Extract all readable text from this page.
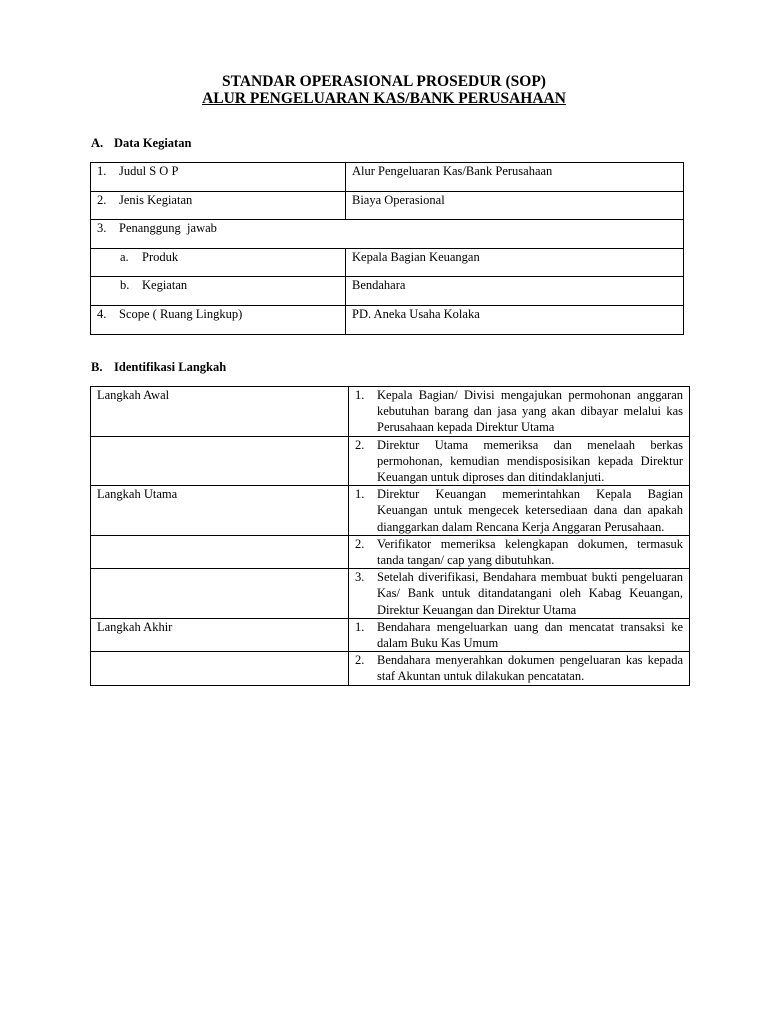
STANDAR OPERASIONAL PROSEDUR (SOP)
ALUR PENGELUARAN KAS/BANK PERUSAHAAN
A. Data Kegiatan
1. Judul S O P	Alur Pengeluaran Kas/Bank Perusahaan

2. Jenis Kegiatan	Biaya Operasional

3. Penanggung  jawab	

a. Produk	Kepala Bagian Keuangan

b. Kegiatan	Bendahara

4. Scope ( Ruang Lingkup)	PD. Aneka Usaha Kolaka
B. Identifikasi Langkah
Langkah Awal	1. Kepala Bagian/ Divisi mengajukan permohonan anggaran kebutuhan barang dan jasa yang akan dibayar melalui kas Perusahaan kepada Direktur Utama

	2. Direktur Utama memeriksa dan menelaah berkas permohonan, kemudian mendisposisikan kepada Direktur Keuangan untuk diproses dan ditindaklanjuti.

Langkah Utama	1. Direktur Keuangan memerintahkan Kepala Bagian Keuangan untuk mengecek ketersediaan dana dan apakah dianggarkan dalam Rencana Kerja Anggaran Perusahaan.

	2. Verifikator memeriksa kelengkapan dokumen, termasuk tanda tangan/ cap yang dibutuhkan.

	3. Setelah diverifikasi, Bendahara membuat bukti pengeluaran Kas/ Bank untuk ditandatangani oleh Kabag Keuangan, Direktur Keuangan dan Direktur Utama

Langkah Akhir	1. Bendahara mengeluarkan uang dan mencatat transaksi ke dalam Buku Kas Umum

	2. Bendahara menyerahkan dokumen pengeluaran kas kepada staf Akuntan untuk dilakukan pencatatan.
